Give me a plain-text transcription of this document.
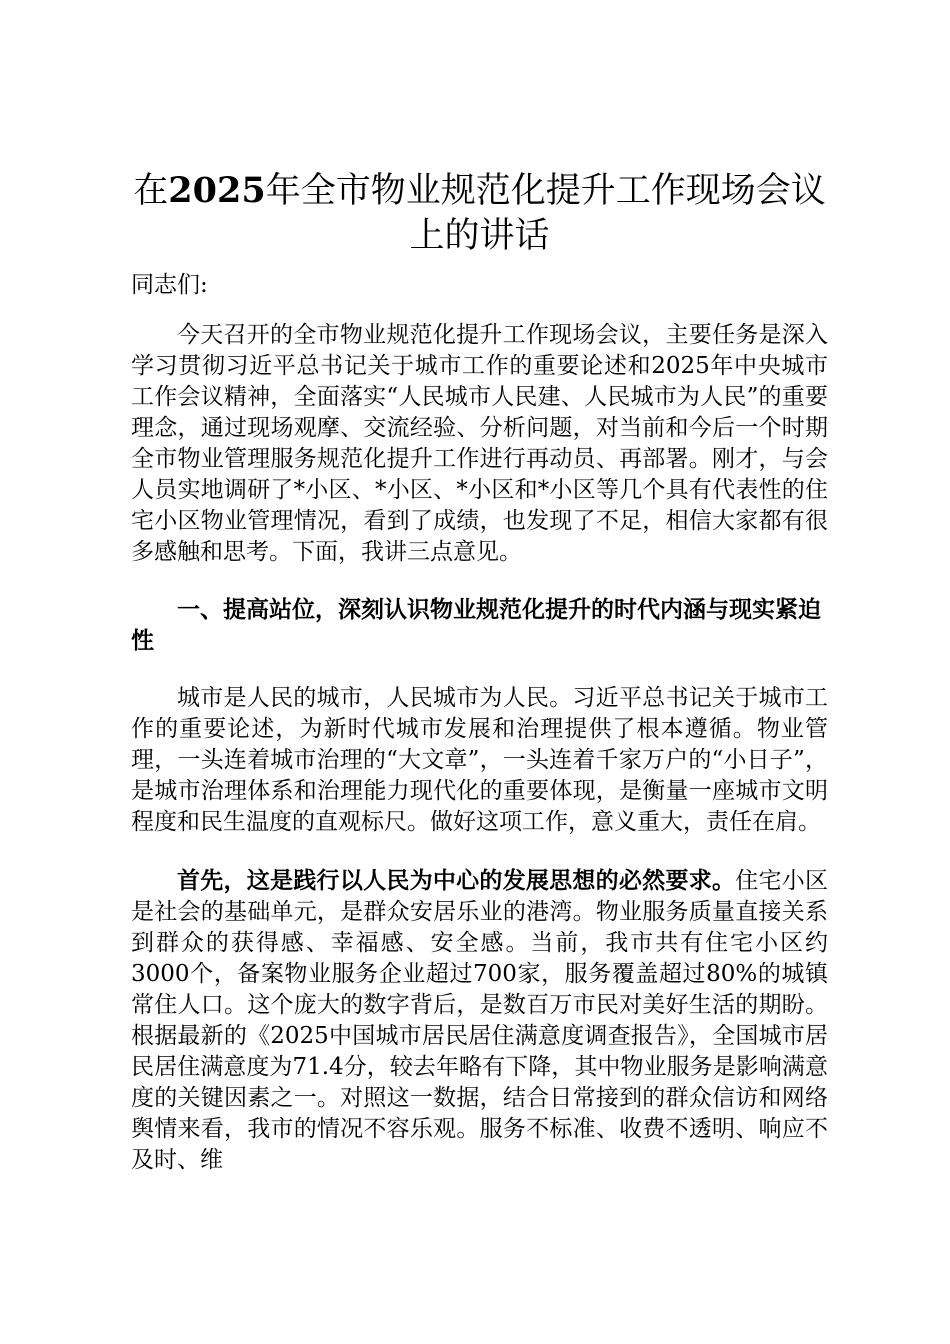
在2025年全市物业规范化提升工作现场会议上的讲话

同志们:

今天召开的全市物业规范化提升工作现场会议，主要任务是深入学习贯彻习近平总书记关于城市工作的重要论述和2025年中央城市工作会议精神，全面落实“人民城市人民建、人民城市为人民”的重要理念，通过现场观摩、交流经验、分析问题，对当前和今后一个时期全市物业管理服务规范化提升工作进行再动员、再部署。刚才，与会人员实地调研了*小区、*小区、*小区和*小区等几个具有代表性的住宅小区物业管理情况，看到了成绩，也发现了不足，相信大家都有很多感触和思考。下面，我讲三点意见。

一、提高站位，深刻认识物业规范化提升的时代内涵与现实紧迫性

城市是人民的城市，人民城市为人民。习近平总书记关于城市工作的重要论述，为新时代城市发展和治理提供了根本遵循。物业管理，一头连着城市治理的“大文章”，一头连着千家万户的“小日子”，是城市治理体系和治理能力现代化的重要体现，是衡量一座城市文明程度和民生温度的直观标尺。做好这项工作，意义重大，责任在肩。

首先，这是践行以人民为中心的发展思想的必然要求。住宅小区是社会的基础单元，是群众安居乐业的港湾。物业服务质量直接关系到群众的获得感、幸福感、安全感。当前，我市共有住宅小区约3000个，备案物业服务企业超过700家，服务覆盖超过80%的城镇常住人口。这个庞大的数字背后，是数百万市民对美好生活的期盼。根据最新的《2025中国城市居民居住满意度调查报告》，全国城市居民居住满意度为71.4分，较去年略有下降，其中物业服务是影响满意度的关键因素之一。对照这一数据，结合日常接到的群众信访和网络舆情来看，我市的情况不容乐观。服务不标准、收费不透明、响应不及时、维
